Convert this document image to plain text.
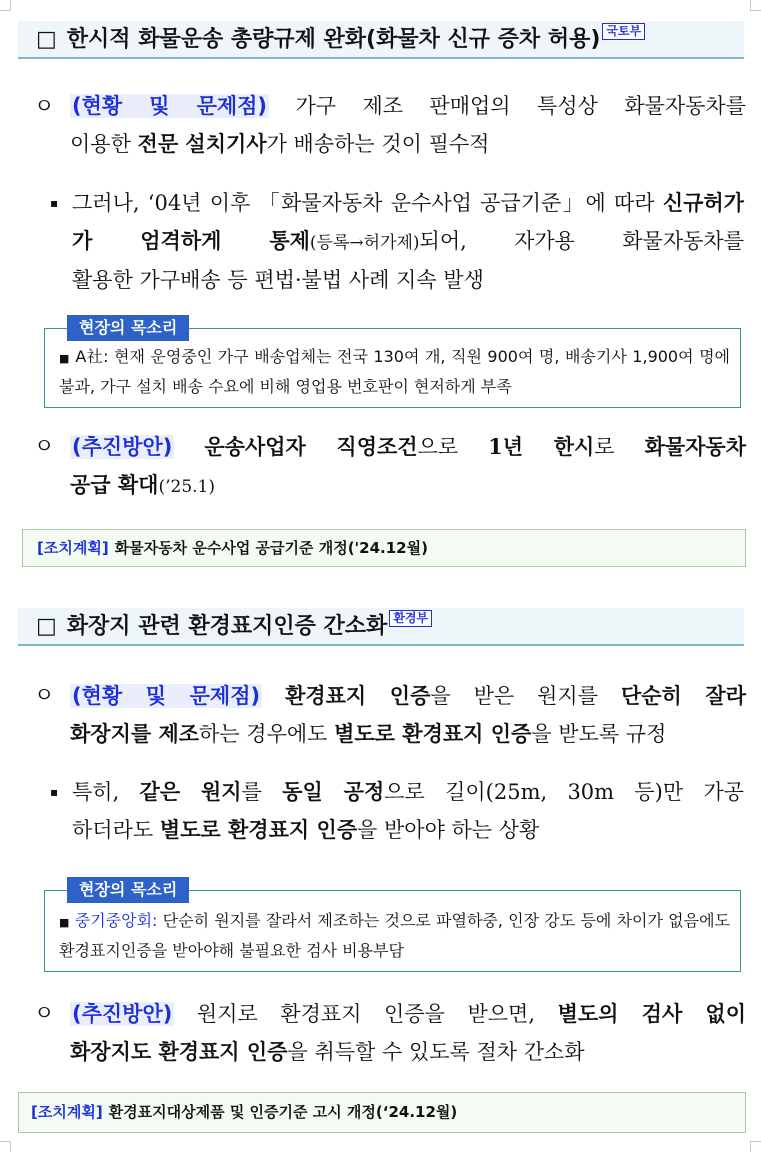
□ 한시적 화물운송 총량규제 완화(화물차 신규 증차 허용) 국토부
ㅇ (현황 및 문제점) 가구 제조 판매업의 특성상 화물자동차를
이용한 전문 설치기사가 배송하는 것이 필수적
▪ 그러나, ‘04년 이후 「화물자동차 운수사업 공급기준」에 따라 신규허가가 엄격하게 통제(등록→허가제)되어, 자가용 화물자동차를
활용한 가구배송 등 편법·불법 사례 지속 발생
현장의 목소리
■ A社: 현재 운영중인 가구 배송업체는 전국 130여 개, 직원 900여 명, 배송기사 1,900여 명에 불과, 가구 설치 배송 수요에 비해 영업용 번호판이 현저하게 부족
ㅇ (추진방안) 운송사업자 직영조건으로 1년 한시로 화물자동차
공급 확대(’25.1)
[조치계획] 화물자동차 운수사업 공급기준 개정('24.12월)
□ 화장지 관련 환경표지인증 간소화 환경부
ㅇ (현황 및 문제점) 환경표지 인증을 받은 원지를 단순히 잘라
화장지를 제조하는 경우에도 별도로 환경표지 인증을 받도록 규정
▪ 특히, 같은 원지를 동일 공정으로 길이(25m, 30m 등)만 가공
하더라도 별도로 환경표지 인증을 받아야 하는 상황
현장의 목소리
■ 중기중앙회: 단순히 원지를 잘라서 제조하는 것으로 파열하중, 인장 강도 등에 차이가 없음에도 환경표지인증을 받아야해 불필요한 검사 비용부담
ㅇ (추진방안) 원지로 환경표지 인증을 받으면, 별도의 검사 없이
화장지도 환경표지 인증을 취득할 수 있도록 절차 간소화
[조치계획] 환경표지대상제품 및 인증기준 고시 개정(‘24.12월)
